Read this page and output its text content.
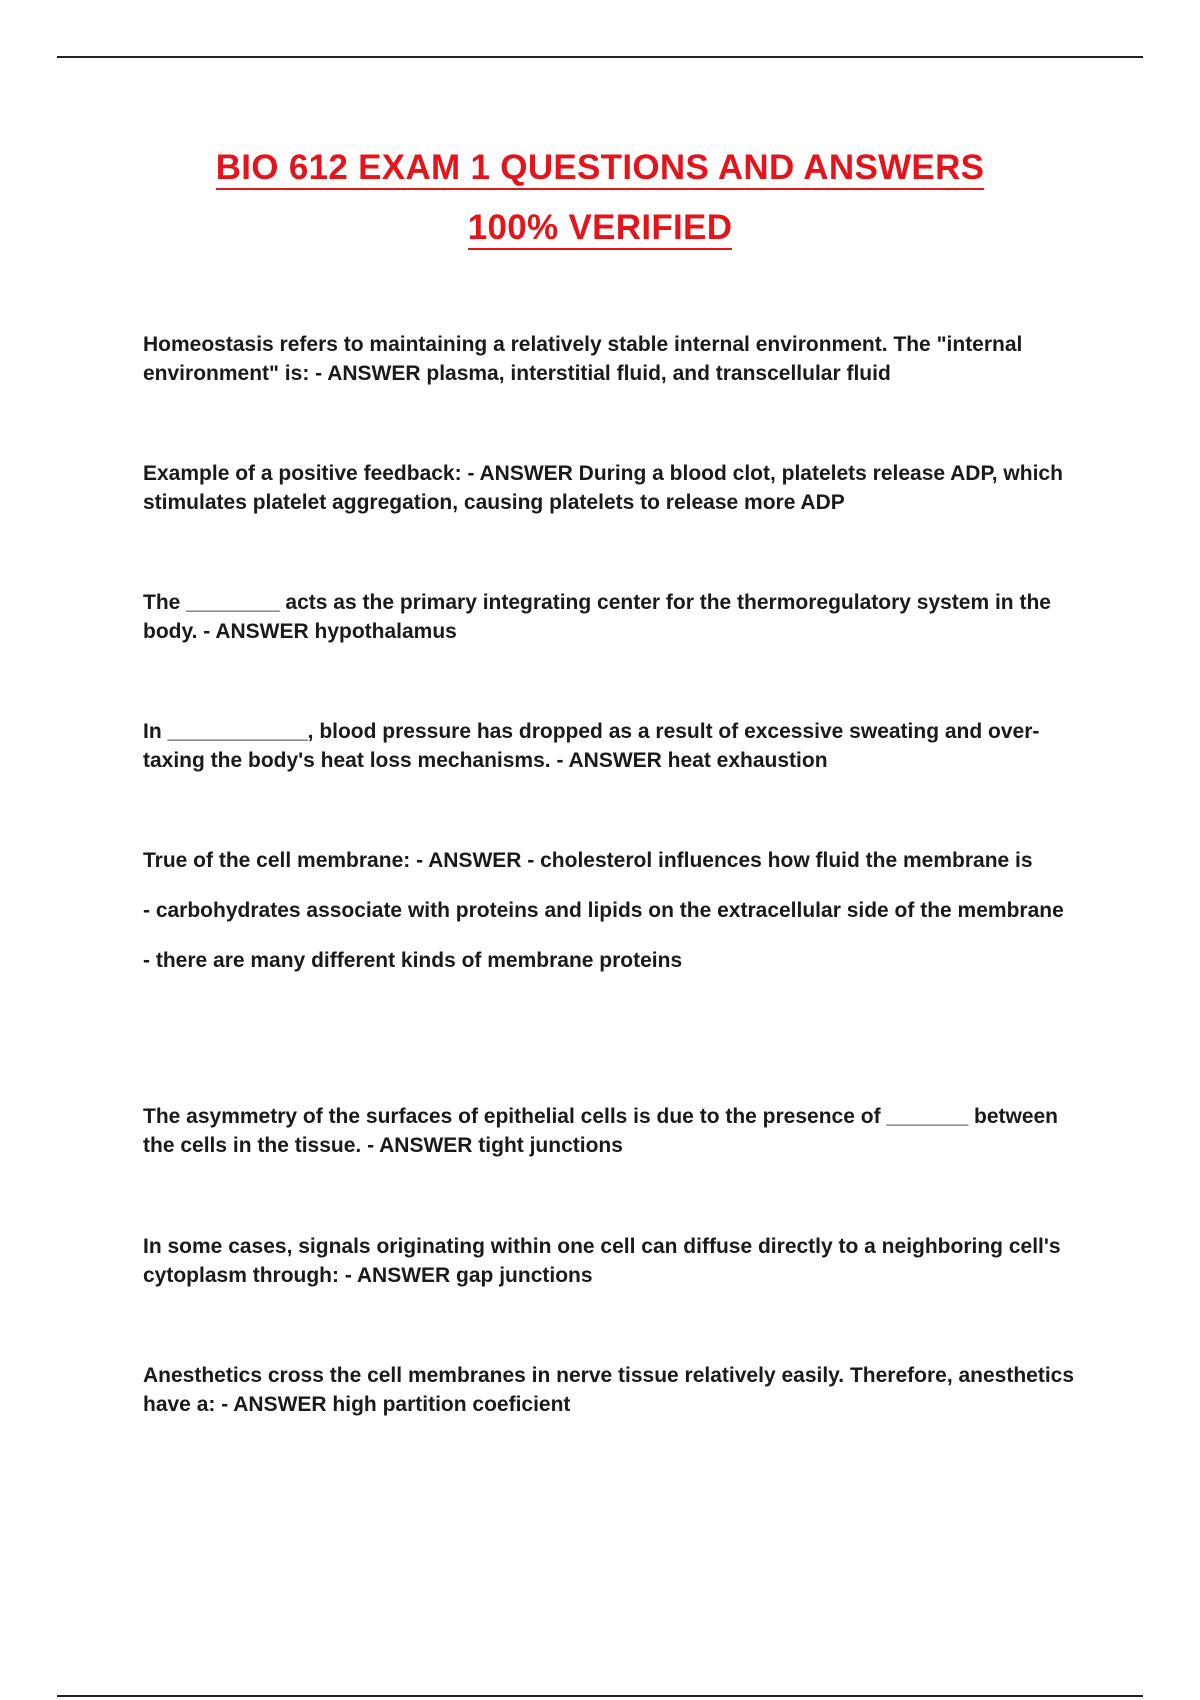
BIO 612 EXAM 1 QUESTIONS AND ANSWERS
100% VERIFIED

Homeostasis refers to maintaining a relatively stable internal environment. The "internal environment" is: - ANSWER plasma, interstitial fluid, and transcellular fluid

Example of a positive feedback: - ANSWER During a blood clot, platelets release ADP, which stimulates platelet aggregation, causing platelets to release more ADP

The ________ acts as the primary integrating center for the thermoregulatory system in the body. - ANSWER hypothalamus

In ____________, blood pressure has dropped as a result of excessive sweating and over-taxing the body's heat loss mechanisms. - ANSWER heat exhaustion

True of the cell membrane: - ANSWER - cholesterol influences how fluid the membrane is

- carbohydrates associate with proteins and lipids on the extracellular side of the membrane

- there are many different kinds of membrane proteins

The asymmetry of the surfaces of epithelial cells is due to the presence of _______ between the cells in the tissue. - ANSWER tight junctions

In some cases, signals originating within one cell can diffuse directly to a neighboring cell's cytoplasm through: - ANSWER gap junctions

Anesthetics cross the cell membranes in nerve tissue relatively easily. Therefore, anesthetics have a: - ANSWER high partition coeficient
